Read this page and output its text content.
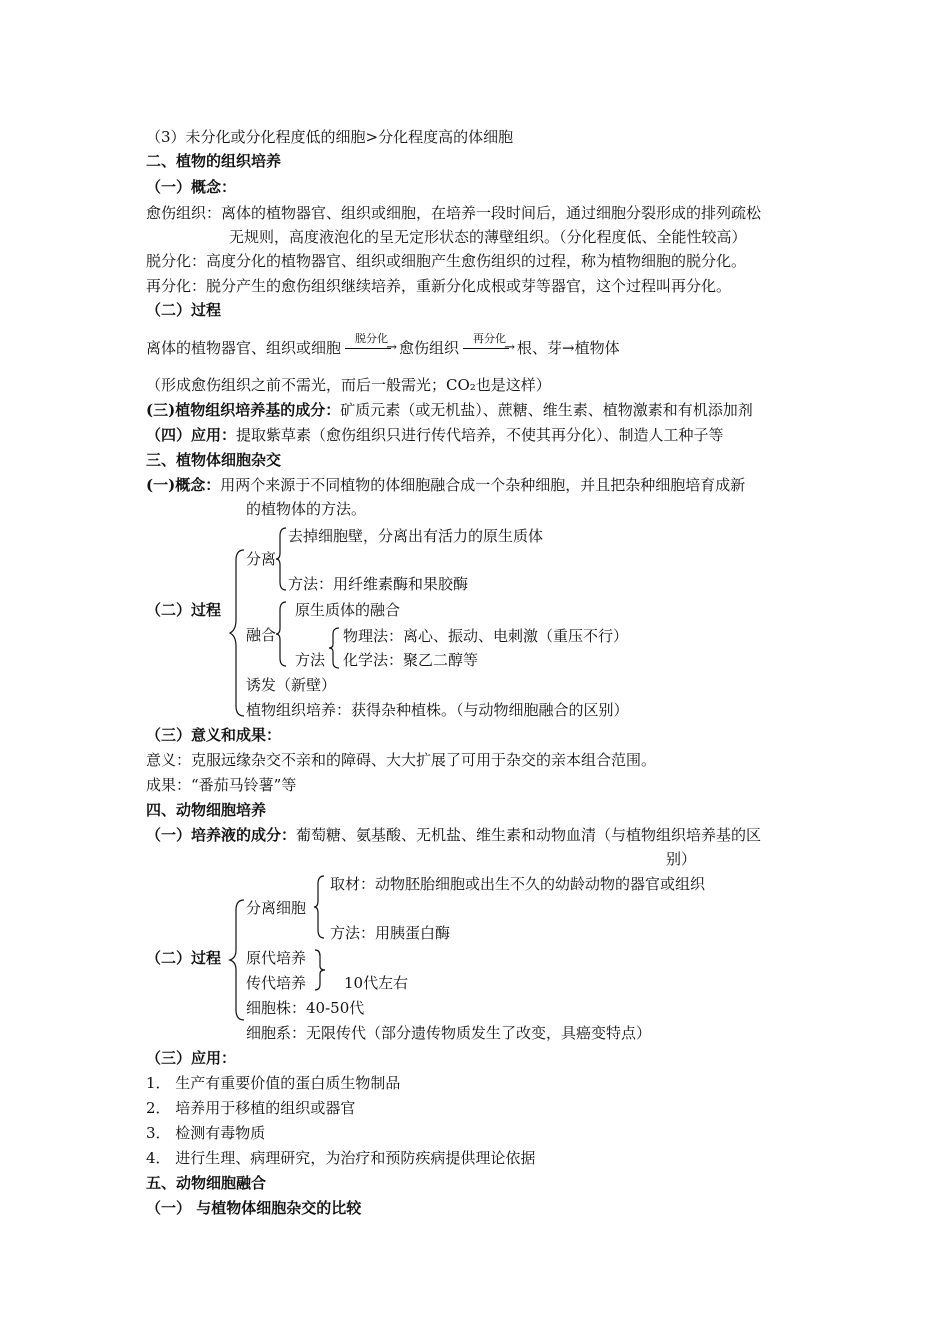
（3）未分化或分化程度低的细胞>分化程度高的体细胞
二、植物的组织培养
（一）概念：
愈伤组织：离体的植物器官、组织或细胞，在培养一段时间后，通过细胞分裂形成的排列疏松
无规则，高度液泡化的呈无定形状态的薄壁组织。（分化程度低、全能性较高）
脱分化：高度分化的植物器官、组织或细胞产生愈伤组织的过程，称为植物细胞的脱分化。
再分化：脱分产生的愈伤组织继续培养，重新分化成根或芽等器官，这个过程叫再分化。
（二）过程
离体的植物器官、组织或细胞
脱分化
→ 愈伤组织
再分化
→ 根、芽→植物体
（形成愈伤组织之前不需光，而后一般需光；CO₂也是这样）
(三)植物组织培养基的成分：矿质元素（或无机盐）、蔗糖、维生素、植物激素和有机添加剂
（四）应用：提取紫草素（愈伤组织只进行传代培养，不使其再分化）、制造人工种子等
三、植物体细胞杂交
(一)概念：用两个来源于不同植物的体细胞融合成一个杂种细胞，并且把杂种细胞培育成新
的植物体的方法。
（二）过程
分离
去掉细胞壁，分离出有活力的原生质体
方法：用纤维素酶和果胶酶
融合
原生质体的融合
方法
物理法：离心、振动、电刺激（重压不行）
化学法：聚乙二醇等
诱发（新壁）
植物组织培养：获得杂种植株。（与动物细胞融合的区别）
（三）意义和成果：
意义：克服远缘杂交不亲和的障碍、大大扩展了可用于杂交的亲本组合范围。
成果：“番茄马铃薯”等
四、动物细胞培养
（一）培养液的成分：葡萄糖、氨基酸、无机盐、维生素和动物血清（与植物组织培养基的区
别）
（二）过程
分离细胞
取材：动物胚胎细胞或出生不久的幼龄动物的器官或组织
方法：用胰蛋白酶
原代培养
传代培养	10代左右
细胞株：40-50代
细胞系：无限传代（部分遗传物质发生了改变，具癌变特点）
（三）应用：
1． 生产有重要价值的蛋白质生物制品
2． 培养用于移植的组织或器官
3． 检测有毒物质
4． 进行生理、病理研究，为治疗和预防疾病提供理论依据
五、动物细胞融合
（一） 与植物体细胞杂交的比较
